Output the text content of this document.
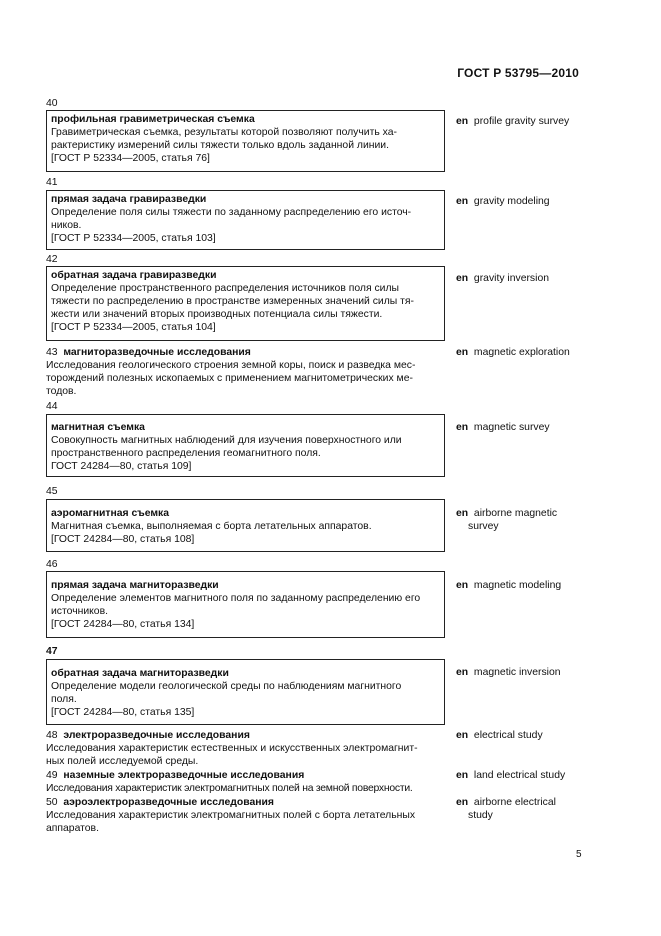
ГОСТ Р 53795—2010
40
профильная гравиметрическая съемка
Гравиметрическая съемка, результаты которой позволяют получить ха-
рактеристику измерений силы тяжести только вдоль заданной линии.
[ГОСТ Р 52334—2005, статья 76]
en profile gravity survey
41
прямая задача гравиразведки
Определение поля силы тяжести по заданному распределению его источ-
ников.
[ГОСТ Р 52334—2005, статья 103]
en gravity modeling
42
обратная задача гравиразведки
Определение пространственного распределения источников поля силы
тяжести по распределению в пространстве измеренных значений силы тя-
жести или значений вторых производных потенциала силы тяжести.
[ГОСТ Р 52334—2005, статья 104]
en gravity inversion
43 магниторазведочные исследования
Исследования геологического строения земной коры, поиск и разведка мес-
торождений полезных ископаемых с применением магнитометрических ме-
тодов.
en magnetic exploration
44
магнитная съемка
Совокупность магнитных наблюдений для изучения поверхностного или
пространственного распределения геомагнитного поля.
ГОСТ 24284—80, статья 109]
en magnetic survey
45
аэромагнитная съемка
Магнитная съемка, выполняемая с борта летательных аппаратов.
[ГОСТ 24284—80, статья 108]
en airborne magnetic
survey
46
прямая задача магниторазведки
Определение элементов магнитного поля по заданному распределению его
источников.
[ГОСТ 24284—80, статья 134]
en magnetic modeling
47
обратная задача магниторазведки
Определение модели геологической среды по наблюдениям магнитного
поля.
[ГОСТ 24284—80, статья 135]
en magnetic inversion
48 электроразведочные исследования
Исследования характеристик естественных и искусственных электромагнит-
ных полей исследуемой среды.
en electrical study
49 наземные электроразведочные исследования
Исследования характеристик электромагнитных полей на земной поверхности.
en land electrical study
50 аэроэлектроразведочные исследования
Исследования характеристик электромагнитных полей с борта летательных
аппаратов.
en airborne electrical
study
5
